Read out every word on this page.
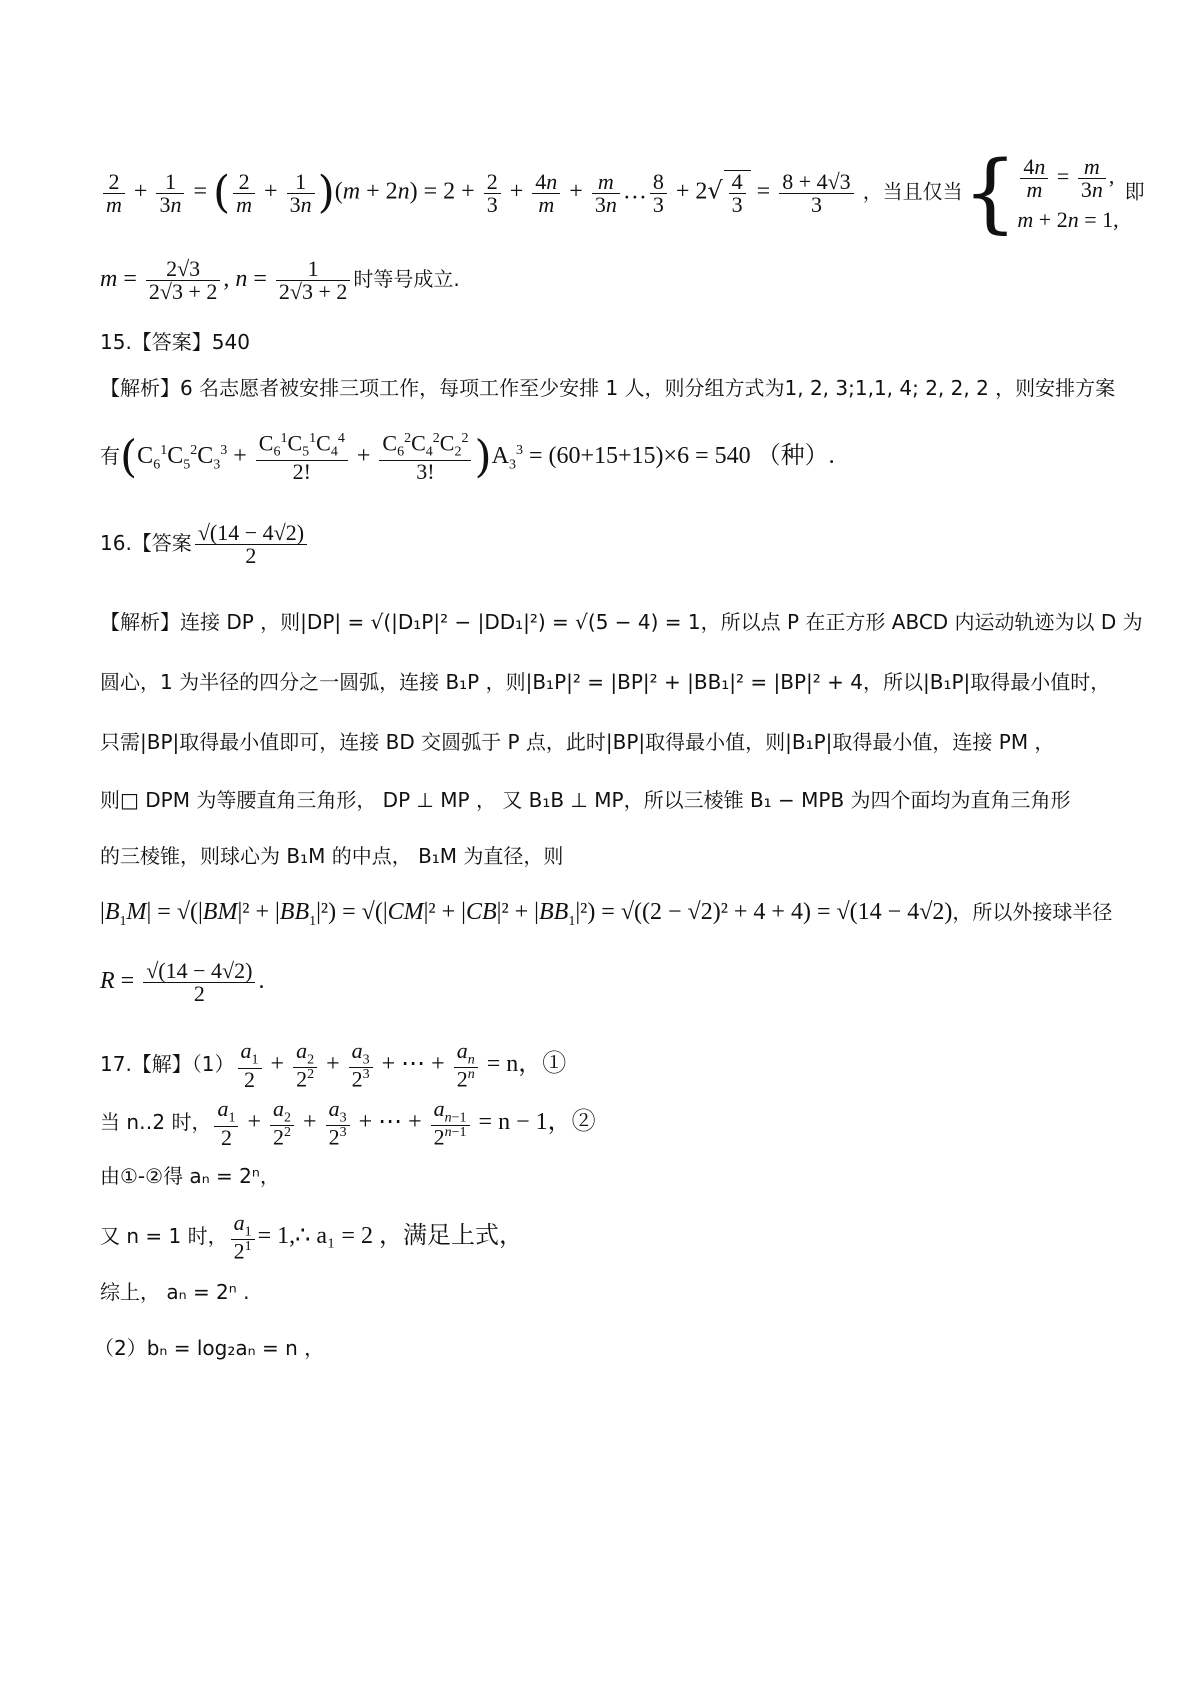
$\frac{2}{m} + \frac{1}{3n}$ = ( $\frac{2}{m} + \frac{1}{3n} )(m + 2n) = 2 + \frac{2}{3} + \frac{4n}{m} + \frac{m}{3n}$ … $\frac{8}{3} + 2√ \frac{4}{3} = \frac{8 + 4√3}{3}$ ，当且仅当{ $\frac{4n}{m} = \frac{m}{3n}$ ,
m + 2n = 1,
即
$m = \frac{2√3}{2√3 + 2}$ , $n = \frac{1}{2√3 + 2}$ 时等号成立.
15.【答案】540
【解析】6 名志愿者被安排三项工作，每项工作至少安排 1 人，则分组方式为1, 2, 3;1,1, 4; 2, 2, 2 ，则安排方案
有$(C_6^1C_5^2C_3^3 + \frac{C_6^1C_5^1C_4^4}{2!} + \frac{C_6^2C_4^2C_2^2}{3!} )A_3^3 = (60+15+15)\times 6 = 540$ （种）.
16.【答案 $\frac{√(14 - 4√2)}{2}$
【解析】连接 DP ，则|DP| = √(|D₁P|² − |DD₁|²) = √(5 − 4) = 1，所以点 P 在正方形 ABCD 内运动轨迹为以 D 为
圆心，1 为半径的四分之一圆弧，连接 B₁P ，则|B₁P|² = |BP|² + |BB₁|² = |BP|² + 4，所以|B₁P|取得最小值时，
只需|BP|取得最小值即可，连接 BD 交圆弧于 P 点，此时|BP|取得最小值，则|B₁P|取得最小值，连接 PM ，
则□ DPM 为等腰直角三角形， DP ⊥ MP ， 又 B₁B ⊥ MP，所以三棱锥 B₁ − MPB 为四个面均为直角三角形
的三棱锥，则球心为 B₁M 的中点， B₁M 为直径，则
$|B_1M| = √(|BM|^2 + |BB_1|^2) = √(|CM|^2 + |CB|^2 + |BB_1|^2) = √((2 - √2)^2 + 4 + 4) = √(14 - 4√2)$，所以外接球半径
$R = \frac{√(14 - 4√2)}{2}$ .
17.【解】$(1) \frac{a_1}{2} + \frac{a_2}{2^2} + \frac{a_3}{2^3}$ + ⋯ + $\frac{a_n}{2^n} = n$，①
当 n‥2 时， $\frac{a_1}{2} + \frac{a_2}{2^2} + \frac{a_3}{2^3}$ + ⋯ + $\frac{a_{n-1}}{2^{n-1}} = n - 1$，②
由①-②得 aₙ = 2ⁿ，
又 n = 1 时， $\frac{a_1}{2^1}$ = 1,∴ a₁ = 2 ，满足上式，
综上， aₙ = 2ⁿ .
（2）bₙ = log₂aₙ = n ，
